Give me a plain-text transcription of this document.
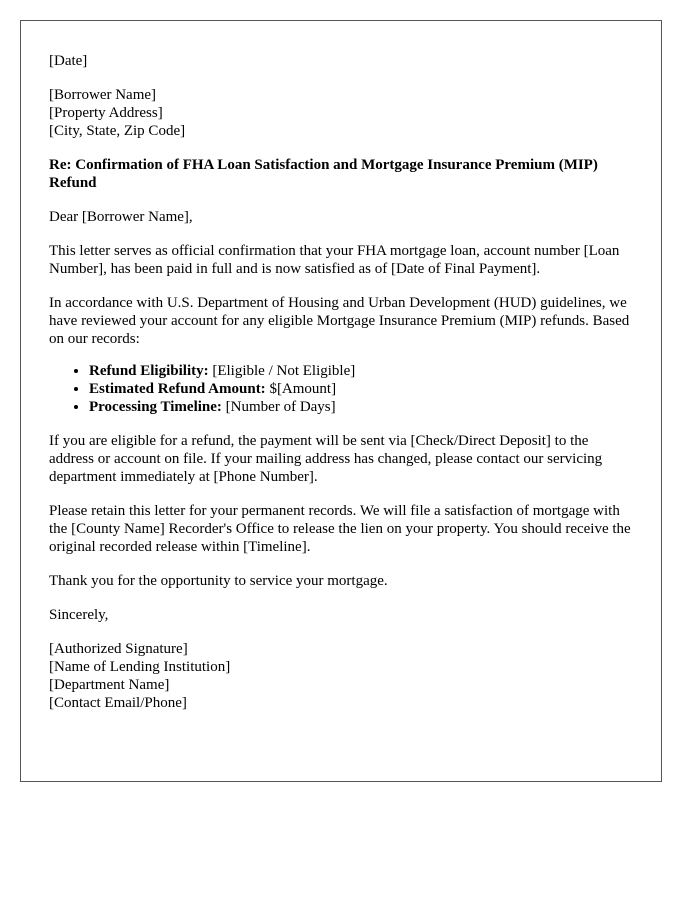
[Date]

[Borrower Name]
[Property Address]
[City, State, Zip Code]

Re: Confirmation of FHA Loan Satisfaction and Mortgage Insurance Premium (MIP) Refund

Dear [Borrower Name],

This letter serves as official confirmation that your FHA mortgage loan, account number [Loan Number], has been paid in full and is now satisfied as of [Date of Final Payment].

In accordance with U.S. Department of Housing and Urban Development (HUD) guidelines, we have reviewed your account for any eligible Mortgage Insurance Premium (MIP) refunds. Based on our records:

• Refund Eligibility: [Eligible / Not Eligible]
• Estimated Refund Amount: $[Amount]
• Processing Timeline: [Number of Days]

If you are eligible for a refund, the payment will be sent via [Check/Direct Deposit] to the address or account on file. If your mailing address has changed, please contact our servicing department immediately at [Phone Number].

Please retain this letter for your permanent records. We will file a satisfaction of mortgage with the [County Name] Recorder's Office to release the lien on your property. You should receive the original recorded release within [Timeline].

Thank you for the opportunity to service your mortgage.

Sincerely,

[Authorized Signature]
[Name of Lending Institution]
[Department Name]
[Contact Email/Phone]
